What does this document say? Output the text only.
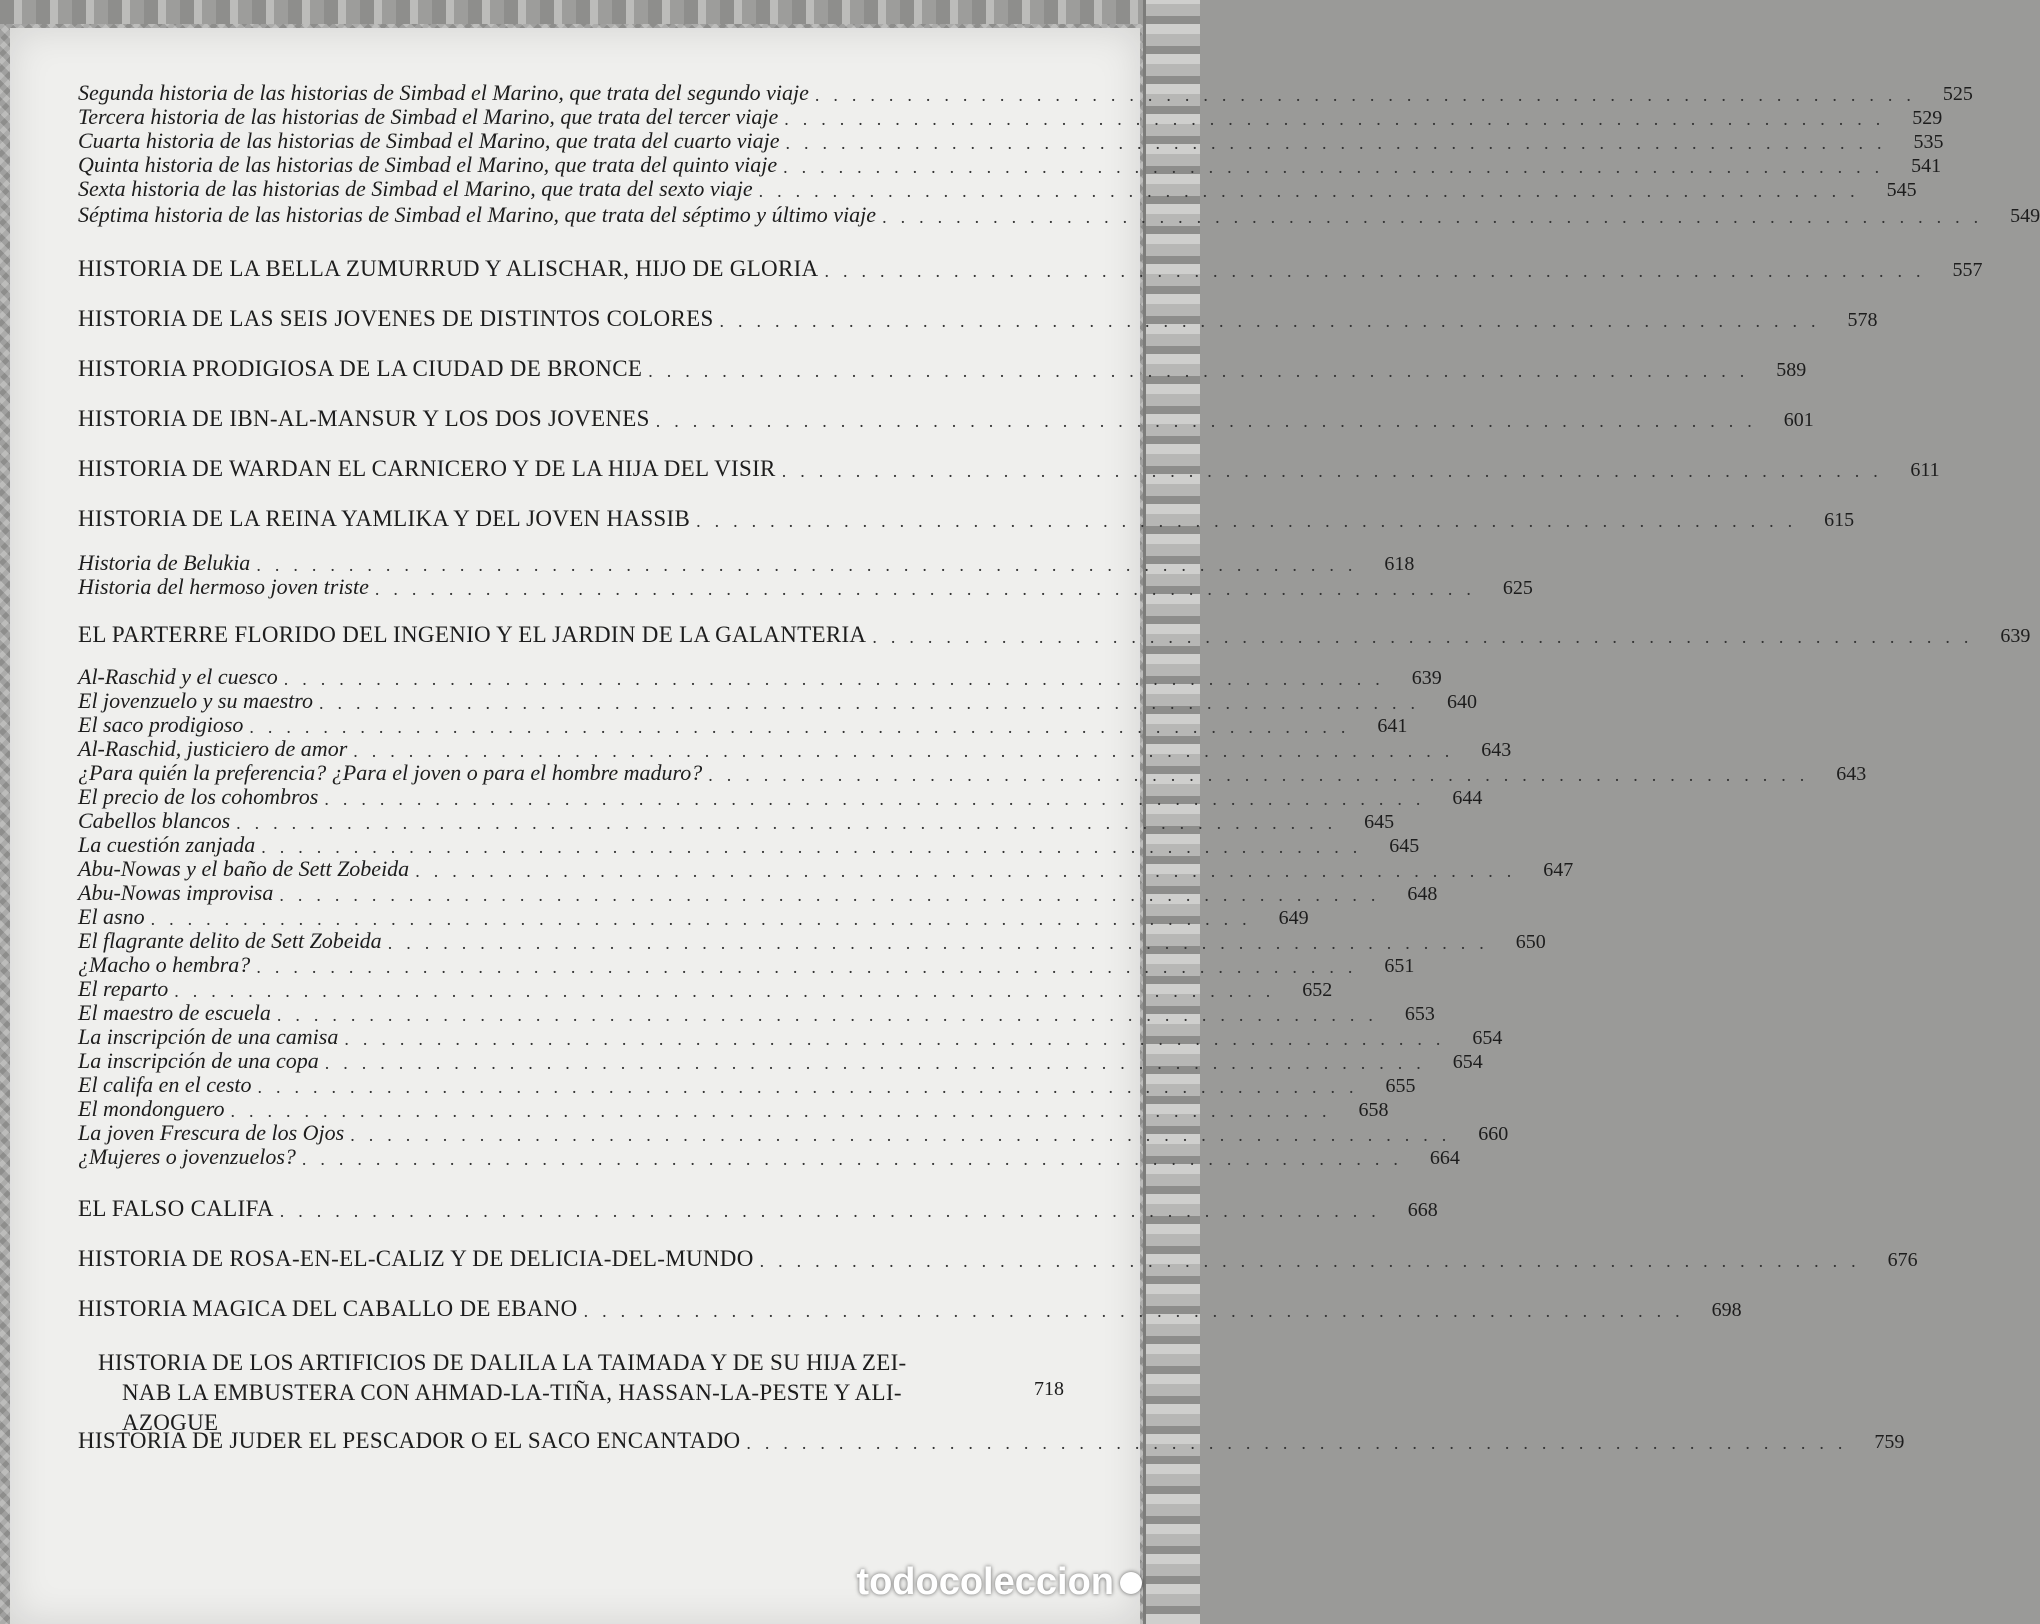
Segunda historia de las historias de Simbad el Marino, que trata del segundo viaje ............................................................ 525
Tercera historia de las historias de Simbad el Marino, que trata del tercer viaje ............................................................ 529
Cuarta historia de las historias de Simbad el Marino, que trata del cuarto viaje ............................................................ 535
Quinta historia de las historias de Simbad el Marino, que trata del quinto viaje ............................................................ 541
Sexta historia de las historias de Simbad el Marino, que trata del sexto viaje ............................................................ 545
Séptima historia de las historias de Simbad el Marino, que trata del séptimo y último viaje ............................................................ 549
HISTORIA DE LA BELLA ZUMURRUD Y ALISCHAR, HIJO DE GLORIA ............................................................ 557
HISTORIA DE LAS SEIS JOVENES DE DISTINTOS COLORES ............................................................ 578
HISTORIA PRODIGIOSA DE LA CIUDAD DE BRONCE ............................................................ 589
HISTORIA DE IBN-AL-MANSUR Y LOS DOS JOVENES ............................................................ 601
HISTORIA DE WARDAN EL CARNICERO Y DE LA HIJA DEL VISIR ............................................................ 611
HISTORIA DE LA REINA YAMLIKA Y DEL JOVEN HASSIB ............................................................ 615
Historia de Belukia ............................................................ 618
Historia del hermoso joven triste ............................................................ 625
EL PARTERRE FLORIDO DEL INGENIO Y EL JARDIN DE LA GALANTERIA ............................................................ 639
Al-Raschid y el cuesco ............................................................ 639
El jovenzuelo y su maestro ............................................................ 640
El saco prodigioso ............................................................ 641
Al-Raschid, justiciero de amor ............................................................ 643
¿Para quién la preferencia? ¿Para el joven o para el hombre maduro? ............................................................ 643
El precio de los cohombros ............................................................ 644
Cabellos blancos ............................................................ 645
La cuestión zanjada ............................................................ 645
Abu-Nowas y el baño de Sett Zobeida ............................................................ 647
Abu-Nowas improvisa ............................................................ 648
El asno ............................................................ 649
El flagrante delito de Sett Zobeida ............................................................ 650
¿Macho o hembra? ............................................................ 651
El reparto ............................................................ 652
El maestro de escuela ............................................................ 653
La inscripción de una camisa ............................................................ 654
La inscripción de una copa ............................................................ 654
El califa en el cesto ............................................................ 655
El mondonguero ............................................................ 658
La joven Frescura de los Ojos ............................................................ 660
¿Mujeres o jovenzuelos? ............................................................ 664
EL FALSO CALIFA ............................................................ 668
HISTORIA DE ROSA-EN-EL-CALIZ Y DE DELICIA-DEL-MUNDO ............................................................ 676
HISTORIA MAGICA DEL CABALLO DE EBANO ............................................................ 698
HISTORIA DE LOS ARTIFICIOS DE DALILA LA TAIMADA Y DE SU HIJA ZEI-
NAB LA EMBUSTERA CON AHMAD-LA-TIÑA, HASSAN-LA-PESTE Y ALI-
AZOGUE
718
HISTORIA DE JUDER EL PESCADOR O EL SACO ENCANTADO ............................................................ 759
todocoleccion
